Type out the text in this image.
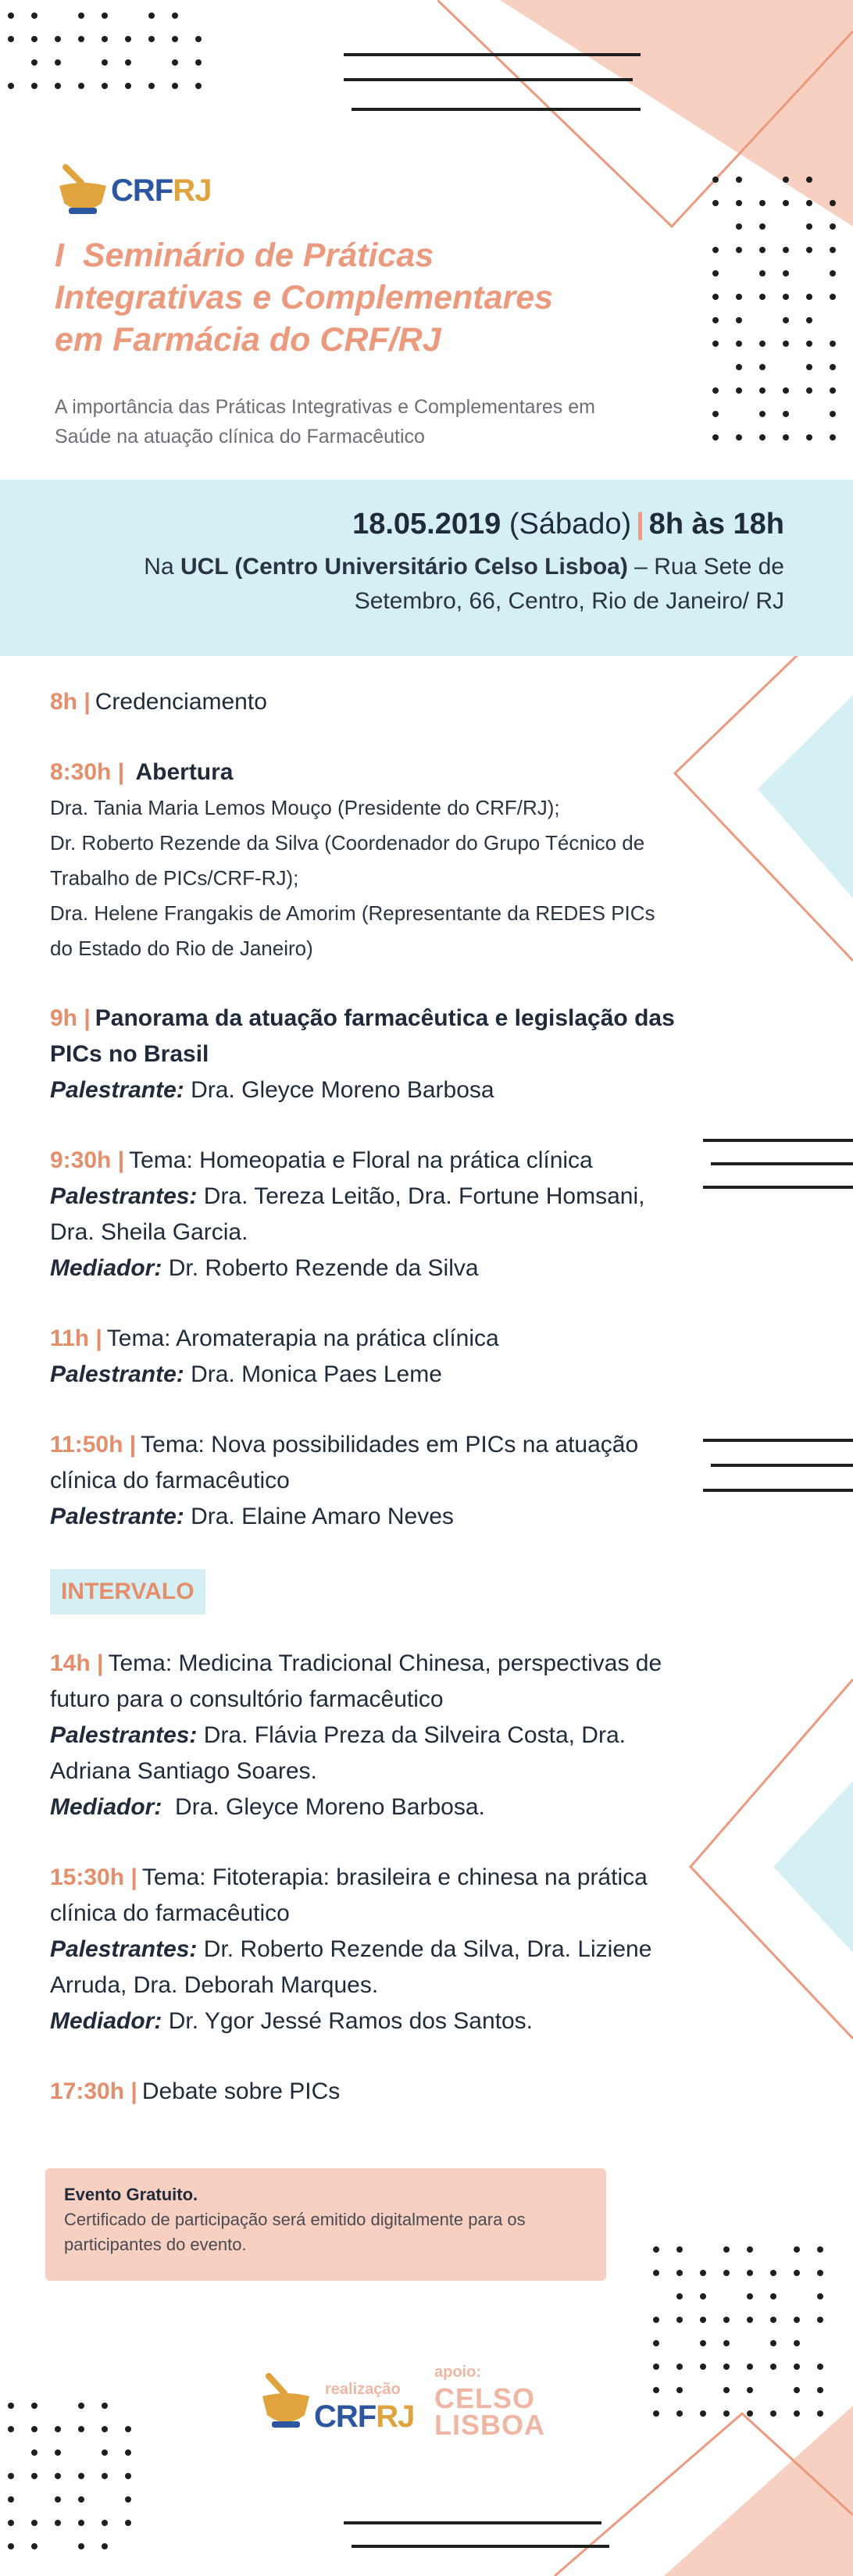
CRFRJ
I  Seminário de Práticas
Integrativas e Complementares
em Farmácia do CRF/RJ
A importância das Práticas Integrativas e Complementares em
Saúde na atuação clínica do Farmacêutico
18.05.2019 (Sábado) | 8h às 18h
Na UCL (Centro Universitário Celso Lisboa) – Rua Sete de
Setembro, 66, Centro, Rio de Janeiro/ RJ
8h | Credenciamento
8:30h | Abertura
Dra. Tania Maria Lemos Mouço (Presidente do CRF/RJ);
Dr. Roberto Rezende da Silva (Coordenador do Grupo Técnico de
Trabalho de PICs/CRF-RJ);
Dra. Helene Frangakis de Amorim (Representante da REDES PICs
do Estado do Rio de Janeiro)
9h | Panorama da atuação farmacêutica e legislação das
PICs no Brasil
Palestrante: Dra. Gleyce Moreno Barbosa
9:30h | Tema: Homeopatia e Floral na prática clínica
Palestrantes: Dra. Tereza Leitão, Dra. Fortune Homsani,
Dra. Sheila Garcia.
Mediador: Dr. Roberto Rezende da Silva
11h | Tema: Aromaterapia na prática clínica
Palestrante: Dra. Monica Paes Leme
11:50h | Tema: Nova possibilidades em PICs na atuação
clínica do farmacêutico
Palestrante: Dra. Elaine Amaro Neves
INTERVALO
14h | Tema: Medicina Tradicional Chinesa, perspectivas de
futuro para o consultório farmacêutico
Palestrantes: Dra. Flávia Preza da Silveira Costa, Dra.
Adriana Santiago Soares.
Mediador:  Dra. Gleyce Moreno Barbosa.
15:30h | Tema: Fitoterapia: brasileira e chinesa na prática
clínica do farmacêutico
Palestrantes: Dr. Roberto Rezende da Silva, Dra. Liziene
Arruda, Dra. Deborah Marques.
Mediador: Dr. Ygor Jessé Ramos dos Santos.
17:30h | Debate sobre PICs
Evento Gratuito.
Certificado de participação será emitido digitalmente para os
participantes do evento.
realização
CRFRJ
apoio:
CELSO
LISBOA
